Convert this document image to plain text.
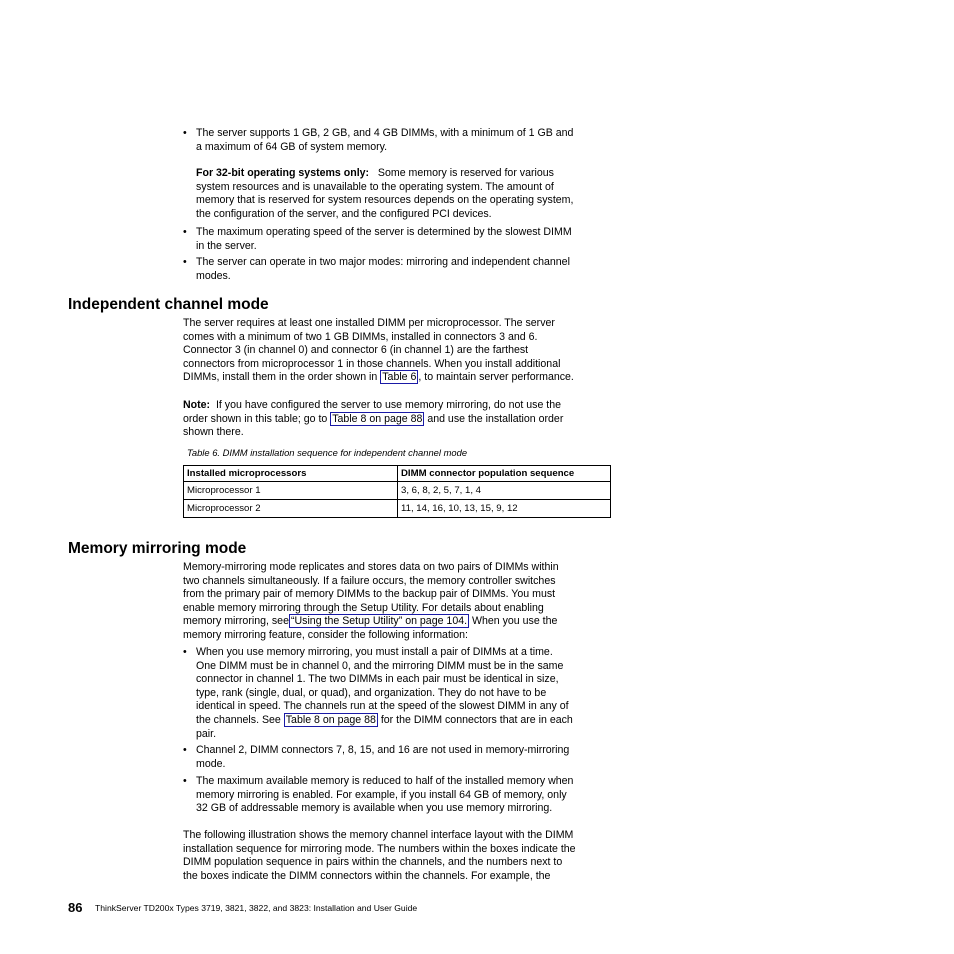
• The server supports 1 GB, 2 GB, and 4 GB DIMMs, with a minimum of 1 GB and
a maximum of 64 GB of system memory.
For 32-bit operating systems only: Some memory is reserved for various
system resources and is unavailable to the operating system. The amount of
memory that is reserved for system resources depends on the operating system,
the configuration of the server, and the configured PCI devices.
• The maximum operating speed of the server is determined by the slowest DIMM
in the server.
• The server can operate in two major modes: mirroring and independent channel
modes.
Independent channel mode
The server requires at least one installed DIMM per microprocessor. The server
comes with a minimum of two 1 GB DIMMs, installed in connectors 3 and 6.
Connector 3 (in channel 0) and connector 6 (in channel 1) are the farthest
connectors from microprocessor 1 in those channels. When you install additional
DIMMs, install them in the order shown in Table 6 , to maintain server performance.
Note: If you have configured the server to use memory mirroring, do not use the
order shown in this table; go to Table 8 on page 88 and use the installation order
shown there.
Table 6. DIMM installation sequence for independent channel mode
Installed microprocessors	DIMM connector population sequence
Microprocessor 1	3, 6, 8, 2, 5, 7, 1, 4
Microprocessor 2	11, 14, 16, 10, 13, 15, 9, 12
Memory mirroring mode
Memory-mirroring mode replicates and stores data on two pairs of DIMMs within
two channels simultaneously. If a failure occurs, the memory controller switches
from the primary pair of memory DIMMs to the backup pair of DIMMs. You must
enable memory mirroring through the Setup Utility. For details about enabling
memory mirroring, see “Using the Setup Utility” on page 104. When you use the
memory mirroring feature, consider the following information:
• When you use memory mirroring, you must install a pair of DIMMs at a time.
One DIMM must be in channel 0, and the mirroring DIMM must be in the same
connector in channel 1. The two DIMMs in each pair must be identical in size,
type, rank (single, dual, or quad), and organization. They do not have to be
identical in speed. The channels run at the speed of the slowest DIMM in any of
the channels. See Table 8 on page 88 for the DIMM connectors that are in each
pair.
• Channel 2, DIMM connectors 7, 8, 15, and 16 are not used in memory-mirroring
mode.
• The maximum available memory is reduced to half of the installed memory when
memory mirroring is enabled. For example, if you install 64 GB of memory, only
32 GB of addressable memory is available when you use memory mirroring.
The following illustration shows the memory channel interface layout with the DIMM
installation sequence for mirroring mode. The numbers within the boxes indicate the
DIMM population sequence in pairs within the channels, and the numbers next to
the boxes indicate the DIMM connectors within the channels. For example, the
86 ThinkServer TD200x Types 3719, 3821, 3822, and 3823: Installation and User Guide
